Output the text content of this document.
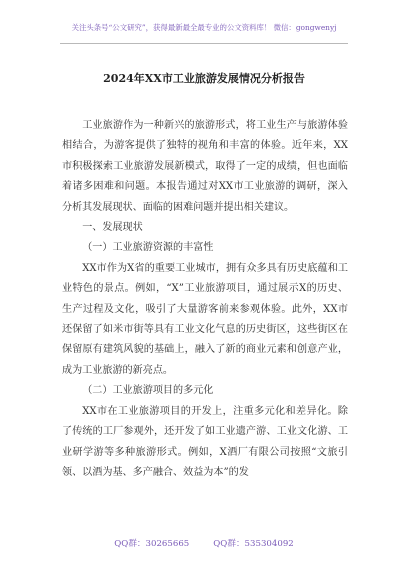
关注头条号“公文研究”，获得最新最全最专业的公文资料库！ 微信：gongwenyj
2024年XX市工业旅游发展情况分析报告

工业旅游作为一种新兴的旅游形式，将工业生产与旅游体验相结合，为游客提供了独特的视角和丰富的体验。近年来，XX市积极探索工业旅游发展新模式，取得了一定的成绩，但也面临着诸多困难和问题。本报告通过对XX市工业旅游的调研，深入分析其发展现状、面临的困难问题并提出相关建议。

一、发展现状

（一）工业旅游资源的丰富性

XX市作为X省的重要工业城市，拥有众多具有历史底蕴和工业特色的景点。例如，“X”工业旅游项目，通过展示X的历史、生产过程及文化，吸引了大量游客前来参观体验。此外，XX市还保留了如米市街等具有工业文化气息的历史街区，这些街区在保留原有建筑风貌的基础上，融入了新的商业元素和创意产业，成为工业旅游的新亮点。

（二）工业旅游项目的多元化

XX市在工业旅游项目的开发上，注重多元化和差异化。除了传统的工厂参观外，还开发了如工业遗产游、工业文化游、工业研学游等多种旅游形式。例如，X酒厂有限公司按照“文旅引领、以酒为基、多产融合、效益为本”的发

QQ群：30265665	QQ群：535304092
